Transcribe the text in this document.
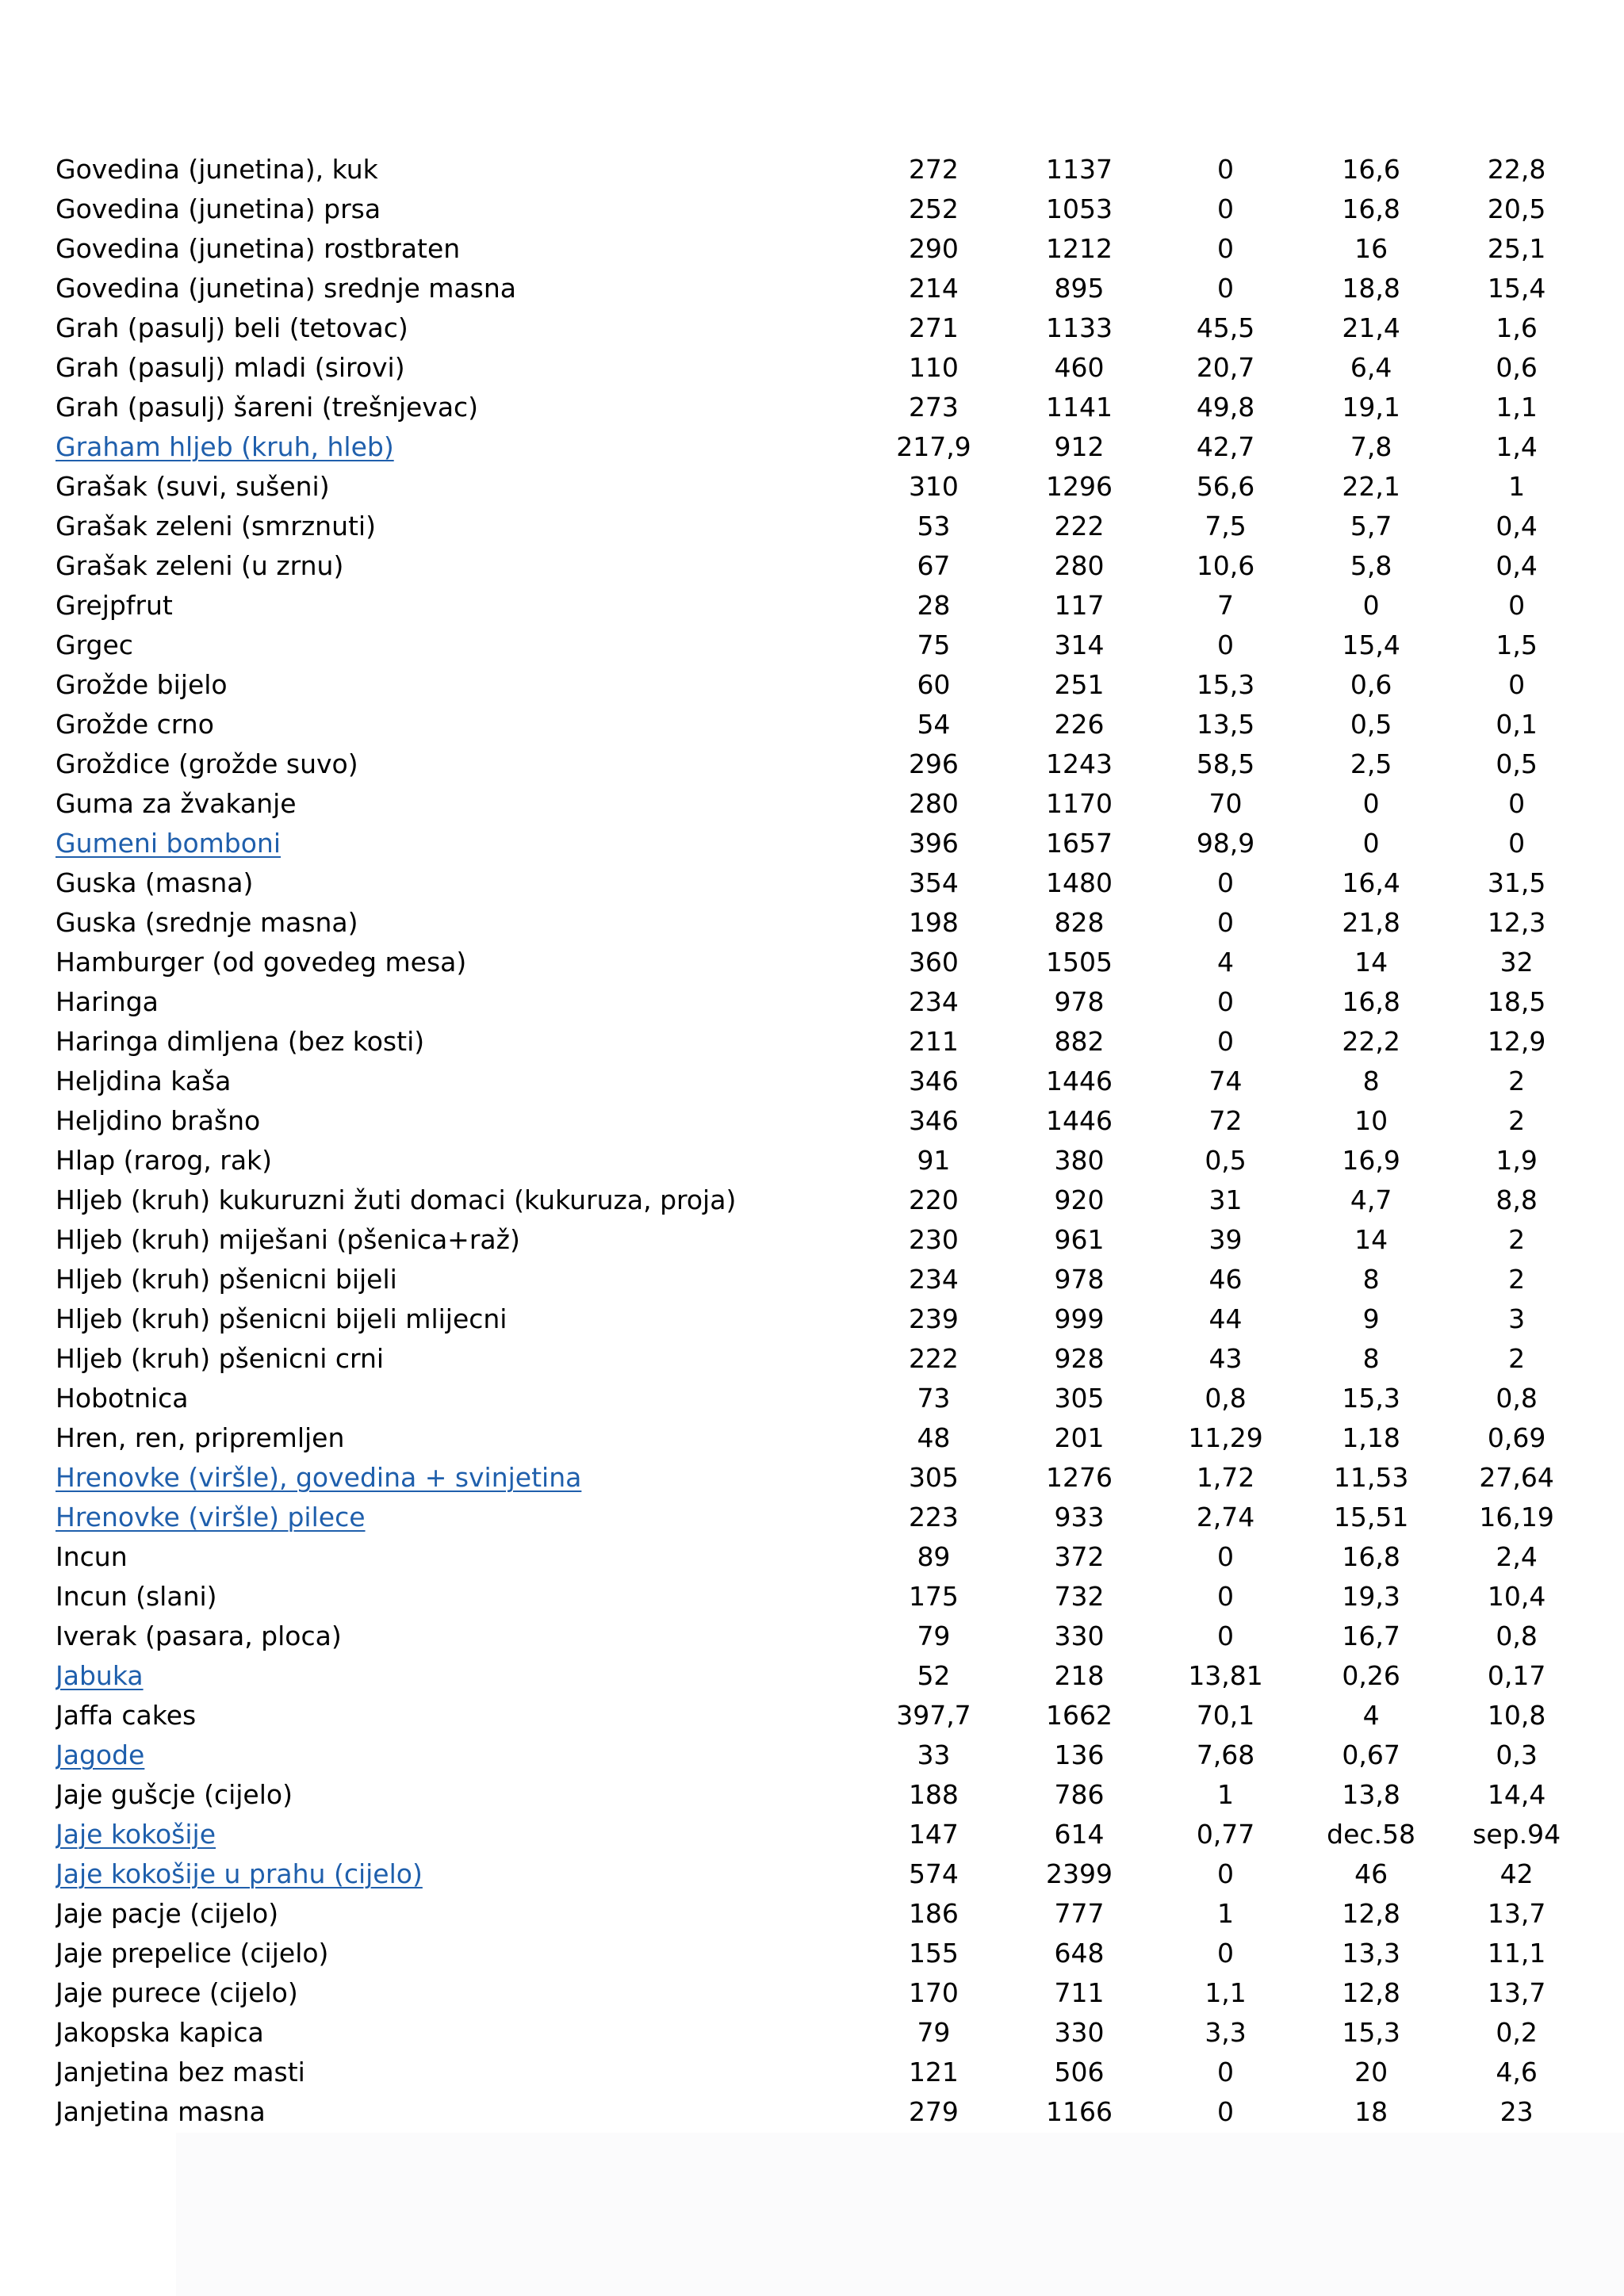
Govedina (junetina), kuk	272	1137	0	16,6	22,8
Govedina (junetina) prsa	252	1053	0	16,8	20,5
Govedina (junetina) rostbraten	290	1212	0	16	25,1
Govedina (junetina) srednje masna	214	895	0	18,8	15,4
Grah (pasulj) beli (tetovac)	271	1133	45,5	21,4	1,6
Grah (pasulj) mladi (sirovi)	110	460	20,7	6,4	0,6
Grah (pasulj) šareni (trešnjevac)	273	1141	49,8	19,1	1,1
Graham hljeb (kruh, hleb)	217,9	912	42,7	7,8	1,4
Grašak (suvi, sušeni)	310	1296	56,6	22,1	1
Grašak zeleni (smrznuti)	53	222	7,5	5,7	0,4
Grašak zeleni (u zrnu)	67	280	10,6	5,8	0,4
Grejpfrut	28	117	7	0	0
Grgec	75	314	0	15,4	1,5
Grožde bijelo	60	251	15,3	0,6	0
Grožde crno	54	226	13,5	0,5	0,1
Groždice (grožde suvo)	296	1243	58,5	2,5	0,5
Guma za žvakanje	280	1170	70	0	0
Gumeni bomboni	396	1657	98,9	0	0
Guska (masna)	354	1480	0	16,4	31,5
Guska (srednje masna)	198	828	0	21,8	12,3
Hamburger (od govedeg mesa)	360	1505	4	14	32
Haringa	234	978	0	16,8	18,5
Haringa dimljena (bez kosti)	211	882	0	22,2	12,9
Heljdina kaša	346	1446	74	8	2
Heljdino brašno	346	1446	72	10	2
Hlap (rarog, rak)	91	380	0,5	16,9	1,9
Hljeb (kruh) kukuruzni žuti domaci (kukuruza, proja)	220	920	31	4,7	8,8
Hljeb (kruh) miješani (pšenica+raž)	230	961	39	14	2
Hljeb (kruh) pšenicni bijeli	234	978	46	8	2
Hljeb (kruh) pšenicni bijeli mlijecni	239	999	44	9	3
Hljeb (kruh) pšenicni crni	222	928	43	8	2
Hobotnica	73	305	0,8	15,3	0,8
Hren, ren, pripremljen	48	201	11,29	1,18	0,69
Hrenovke (viršle), govedina + svinjetina	305	1276	1,72	11,53	27,64
Hrenovke (viršle) pilece	223	933	2,74	15,51	16,19
Incun	89	372	0	16,8	2,4
Incun (slani)	175	732	0	19,3	10,4
Iverak (pasara, ploca)	79	330	0	16,7	0,8
Jabuka	52	218	13,81	0,26	0,17
Jaffa cakes	397,7	1662	70,1	4	10,8
Jagode	33	136	7,68	0,67	0,3
Jaje gušcje (cijelo)	188	786	1	13,8	14,4
Jaje kokošije	147	614	0,77	dec.58	sep.94
Jaje kokošije u prahu (cijelo)	574	2399	0	46	42
Jaje pacje (cijelo)	186	777	1	12,8	13,7
Jaje prepelice (cijelo)	155	648	0	13,3	11,1
Jaje purece (cijelo)	170	711	1,1	12,8	13,7
Jakopska kapica	79	330	3,3	15,3	0,2
Janjetina bez masti	121	506	0	20	4,6
Janjetina masna	279	1166	0	18	23
